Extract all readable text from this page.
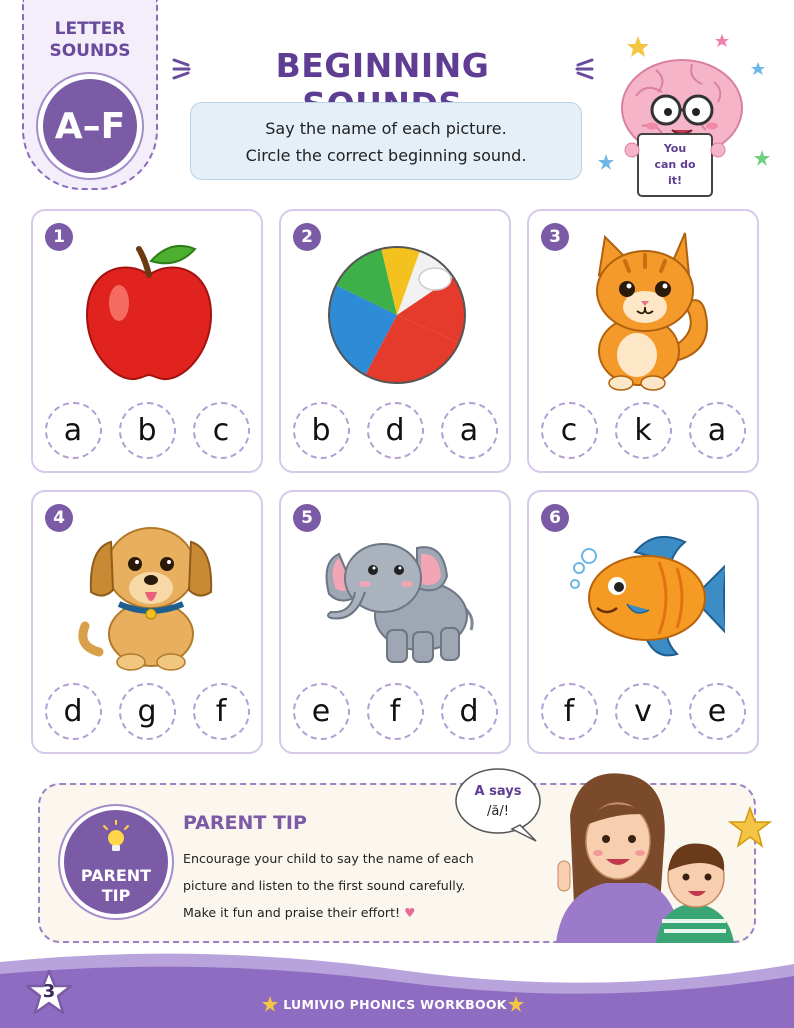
LETTER
SOUNDS
A–F
BEGINNING
Say the name of each picture.
Circle the correct beginning sound.	You
can do
it!
1
a	b	c
2
b	d	a
3
c	k	a
4
d	g	f
5
e	f	d
6
f	v	e
PARENT
TIP
PARENT TIP
Encourage your child to say the name of each
picture and listen to the first sound carefully.
Make it fun and praise their effort! ♥
A says
/ă/!
3
LUMIVIO PHONICS WORKBOOK
